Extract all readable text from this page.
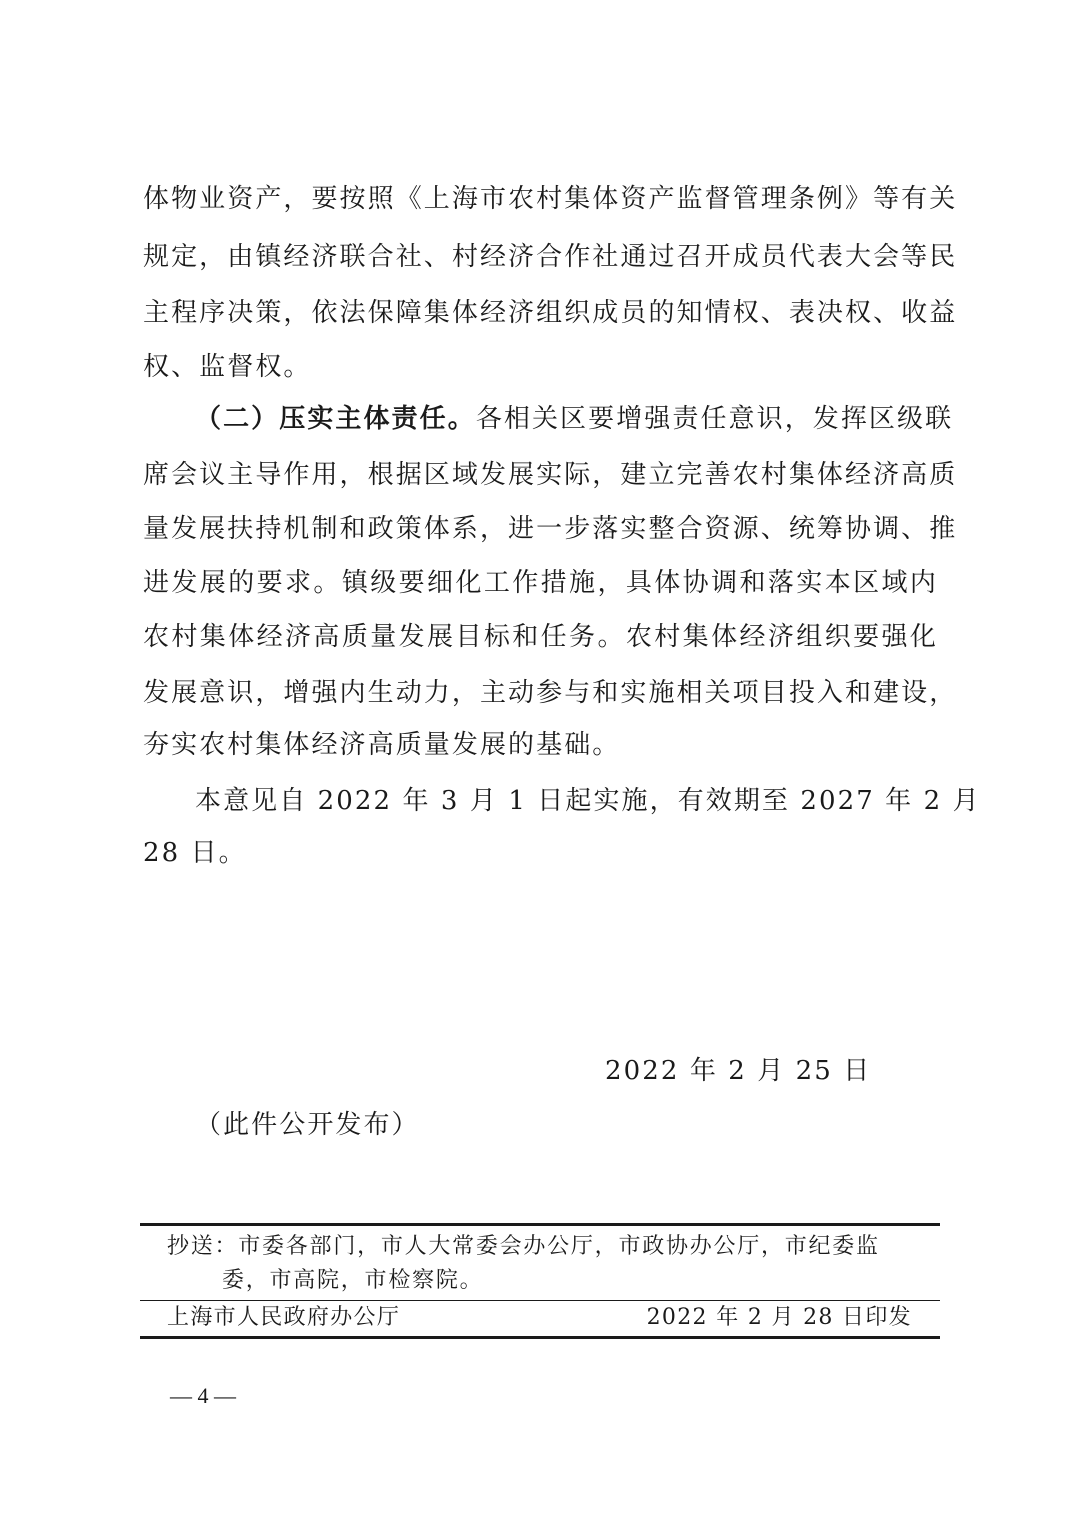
体物业资产，要按照《上海市农村集体资产监督管理条例》等有关
规定，由镇经济联合社、村经济合作社通过召开成员代表大会等民
主程序决策，依法保障集体经济组织成员的知情权、表决权、收益
权、监督权。
（二）压实主体责任。各相关区要增强责任意识，发挥区级联
席会议主导作用，根据区域发展实际，建立完善农村集体经济高质
量发展扶持机制和政策体系，进一步落实整合资源、统筹协调、推
进发展的要求。镇级要细化工作措施，具体协调和落实本区域内
农村集体经济高质量发展目标和任务。农村集体经济组织要强化
发展意识，增强内生动力，主动参与和实施相关项目投入和建设，
夯实农村集体经济高质量发展的基础。
本意见自 2022 年 3 月 1 日起实施，有效期至 2027 年 2 月
28 日。
2022 年 2 月 25 日
（此件公开发布）
抄送：市委各部门，市人大常委会办公厅，市政协办公厅，市纪委监
委，市高院，市检察院。
上海市人民政府办公厅	2022 年 2 月 28 日印发
— 4 —
